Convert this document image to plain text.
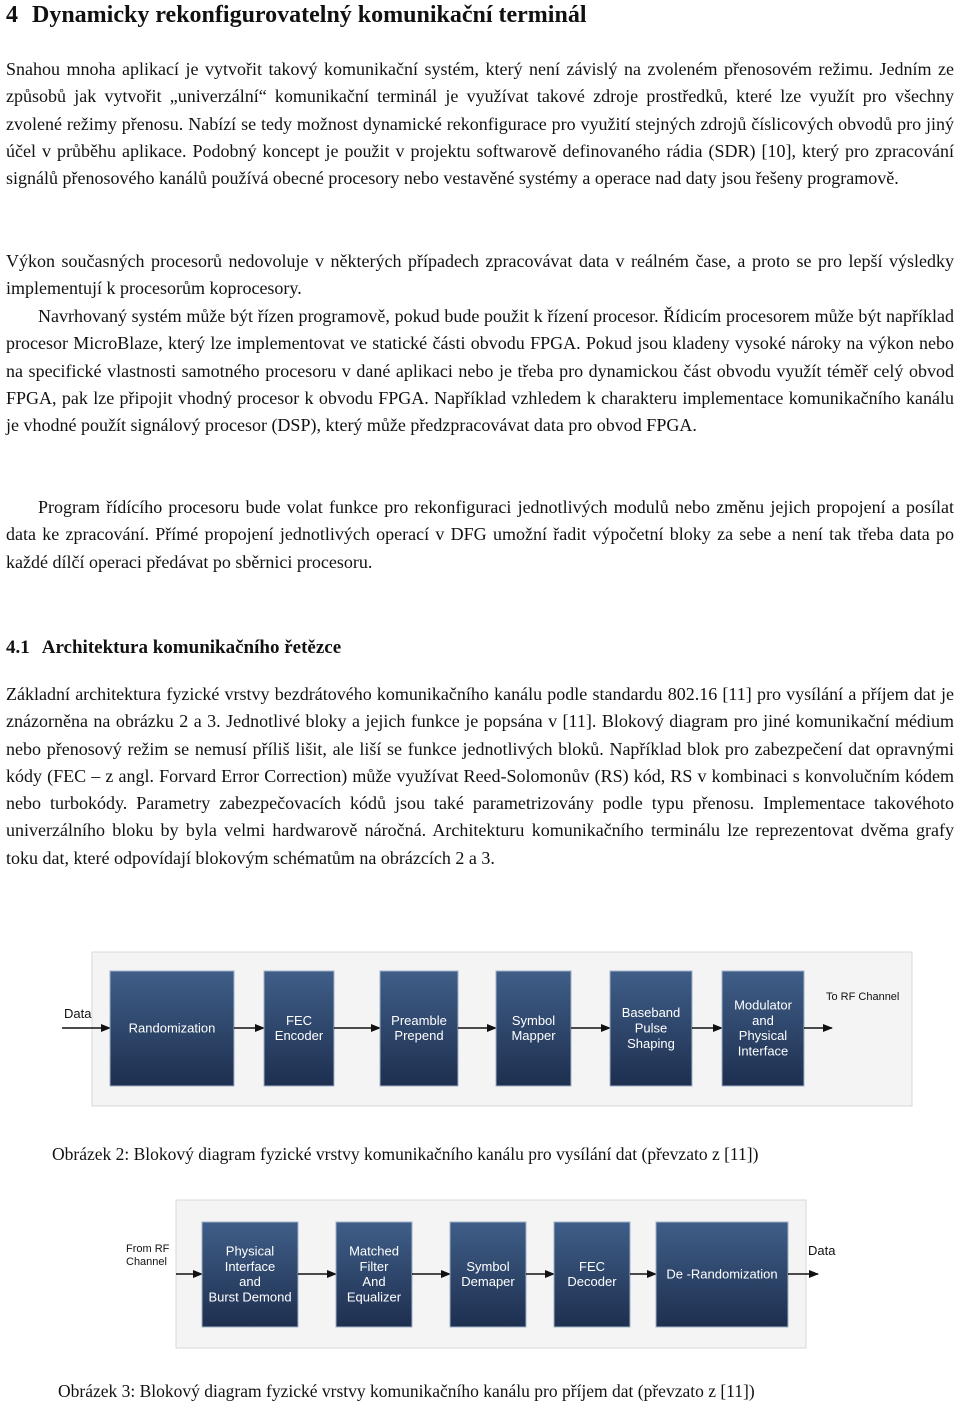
4 Dynamicky rekonfigurovatelný komunikační terminál

Snahou mnoha aplikací je vytvořit takový komunikační systém, který není závislý na zvoleném přenosovém režimu. Jedním ze způsobů jak vytvořit „univerzální“ komunikační terminál je využívat takové zdroje prostředků, které lze využít pro všechny zvolené režimy přenosu. Nabízí se tedy možnost dynamické rekonfigurace pro využití stejných zdrojů číslicových obvodů pro jiný účel v průběhu aplikace. Podobný koncept je použit v projektu softwarově definovaného rádia (SDR) [10], který pro zpracování signálů přenosového kanálů používá obecné procesory nebo vestavěné systémy a operace nad daty jsou řešeny programově.

Výkon současných procesorů nedovoluje v některých případech zpracovávat data v reálném čase, a proto se pro lepší výsledky implementují k procesorům koprocesory.

Navrhovaný systém může být řízen programově, pokud bude použit k řízení procesor. Řídicím procesorem může být například procesor MicroBlaze, který lze implementovat ve statické části obvodu FPGA. Pokud jsou kladeny vysoké nároky na výkon nebo na specifické vlastnosti samotného procesoru v dané aplikaci nebo je třeba pro dynamickou část obvodu využít téměř celý obvod FPGA, pak lze připojit vhodný procesor k obvodu FPGA. Například vzhledem k charakteru implementace komunikačního kanálu je vhodné použít signálový procesor (DSP), který může předzpracovávat data pro obvod FPGA.

Program řídícího procesoru bude volat funkce pro rekonfiguraci jednotlivých modulů nebo změnu jejich propojení a posílat data ke zpracování. Přímé propojení jednotlivých operací v DFG umožní řadit výpočetní bloky za sebe a není tak třeba data po každé dílčí operaci předávat po sběrnici procesoru.

4.1 Architektura komunikačního řetězce

Základní architektura fyzické vrstvy bezdrátového komunikačního kanálu podle standardu 802.16 [11] pro vysílání a příjem dat je znázorněna na obrázku 2 a 3. Jednotlivé bloky a jejich funkce je popsána v [11]. Blokový diagram pro jiné komunikační médium nebo přenosový režim se nemusí příliš lišit, ale liší se funkce jednotlivých bloků. Například blok pro zabezpečení dat opravnými kódy (FEC – z angl. Forvard Error Correction) může využívat Reed-Solomonův (RS) kód, RS v kombinaci s konvolučním kódem nebo turbokódy. Parametry zabezpečovacích kódů jsou také parametrizovány podle typu přenosu. Implementace takovéhoto univerzálního bloku by byla velmi hardwarově náročná. Architekturu komunikačního terminálu lze reprezentovat dvěma grafy toku dat, které odpovídají blokovým schématům na obrázcích 2 a 3.

Data
Randomization
FEC Encoder
Preamble Prepend
Symbol Mapper
Baseband Pulse Shaping
Modulator and Physical Interface
To RF Channel

Obrázek 2: Blokový diagram fyzické vrstvy komunikačního kanálu pro vysílání dat (převzato z [11])

From RF Channel
Physical Interface and Burst Demond
Matched Filter And Equalizer
Symbol Demaper
FEC Decoder
De -Randomization
Data

Obrázek 3: Blokový diagram fyzické vrstvy komunikačního kanálu pro příjem dat (převzato z [11])
